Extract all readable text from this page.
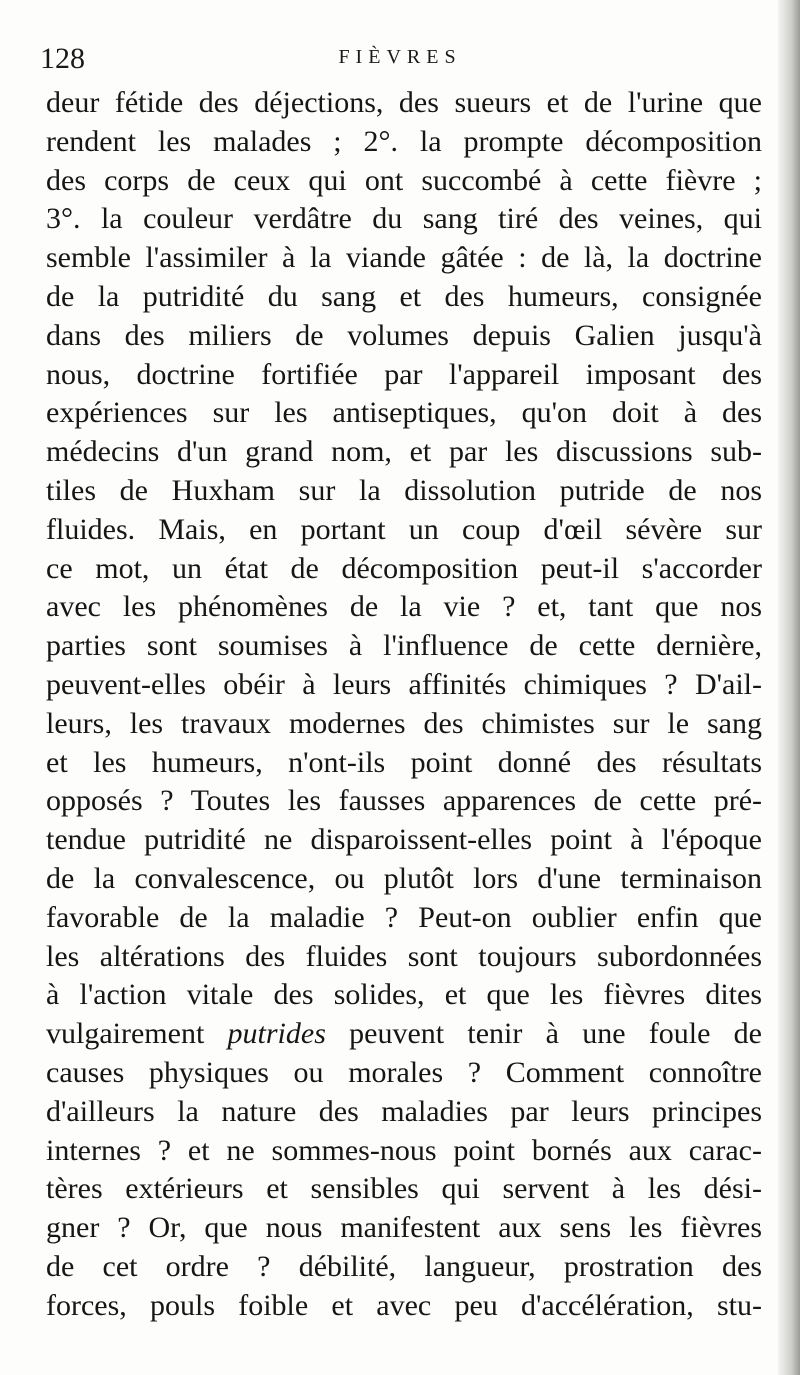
128	FIÈVRES
deur fétide des déjections, des sueurs et de l'urine que
rendent les malades ; 2°. la prompte décomposition
des corps de ceux qui ont succombé à cette fièvre ;
3°. la couleur verdâtre du sang tiré des veines, qui
semble l'assimiler à la viande gâtée : de là, la doctrine
de la putridité du sang et des humeurs, consignée
dans des miliers de volumes depuis Galien jusqu'à
nous, doctrine fortifiée par l'appareil imposant des
expériences sur les antiseptiques, qu'on doit à des
médecins d'un grand nom, et par les discussions sub-
tiles de Huxham sur la dissolution putride de nos
fluides. Mais, en portant un coup d'œil sévère sur
ce mot, un état de décomposition peut-il s'accorder
avec les phénomènes de la vie ? et, tant que nos
parties sont soumises à l'influence de cette dernière,
peuvent-elles obéir à leurs affinités chimiques ? D'ail-
leurs, les travaux modernes des chimistes sur le sang
et les humeurs, n'ont-ils point donné des résultats
opposés ? Toutes les fausses apparences de cette pré-
tendue putridité ne disparoissent-elles point à l'époque
de la convalescence, ou plutôt lors d'une terminaison
favorable de la maladie ? Peut-on oublier enfin que
les altérations des fluides sont toujours subordonnées
à l'action vitale des solides, et que les fièvres dites
vulgairement putrides peuvent tenir à une foule de
causes physiques ou morales ? Comment connoître
d'ailleurs la nature des maladies par leurs principes
internes ? et ne sommes-nous point bornés aux carac-
tères extérieurs et sensibles qui servent à les dési-
gner ? Or, que nous manifestent aux sens les fièvres
de cet ordre ? débilité, langueur, prostration des
forces, pouls foible et avec peu d'accélération, stu-
